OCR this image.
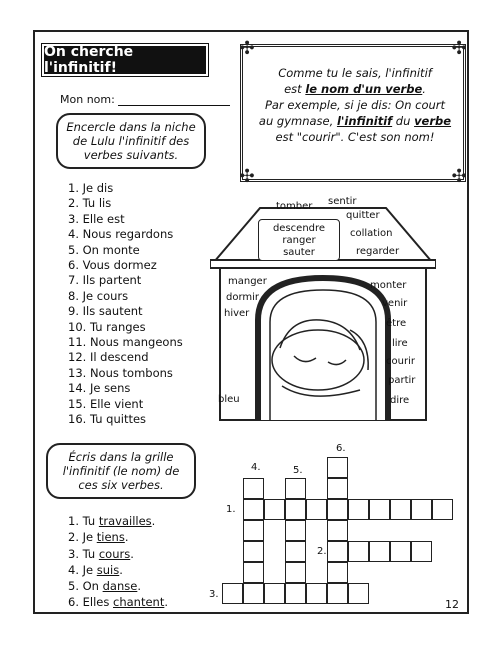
On cherche l'infinitif!
Mon nom:
Encercle dans la niche de Lulu l'infinitif des verbes suivants.
1. Je dis
2. Tu lis
3. Elle est
4. Nous regardons
5. On monte
6. Vous dormez
7. Ils partent
8. Je cours
9. Ils sautent
10. Tu ranges
11. Nous mangeons
12. Il descend
13. Nous tombons
14. Je sens
15. Elle vient
16. Tu quittes
✣	✣
✣	✣
Comme tu le sais, l'infinitif
est le nom d'un verbe.
Par exemple, si je dis: On court
au gymnase, l'infinitif du verbe
est "courir". C'est son nom!
descendre
ranger
sauter
tomber sentir
quitter
collation
regarder
manger
dormir
hiver
bleu
monter
venir
être
lire
courir
partir
dire
Écris dans la grille l'infinitif (le nom) de ces six verbes.
1. Tu travailles.
2. Je tiens.
3. Tu cours.
4. Je suis.
5. On danse.
6. Elles chantent.
1.
2.
3.
4.	5.
6.
12
